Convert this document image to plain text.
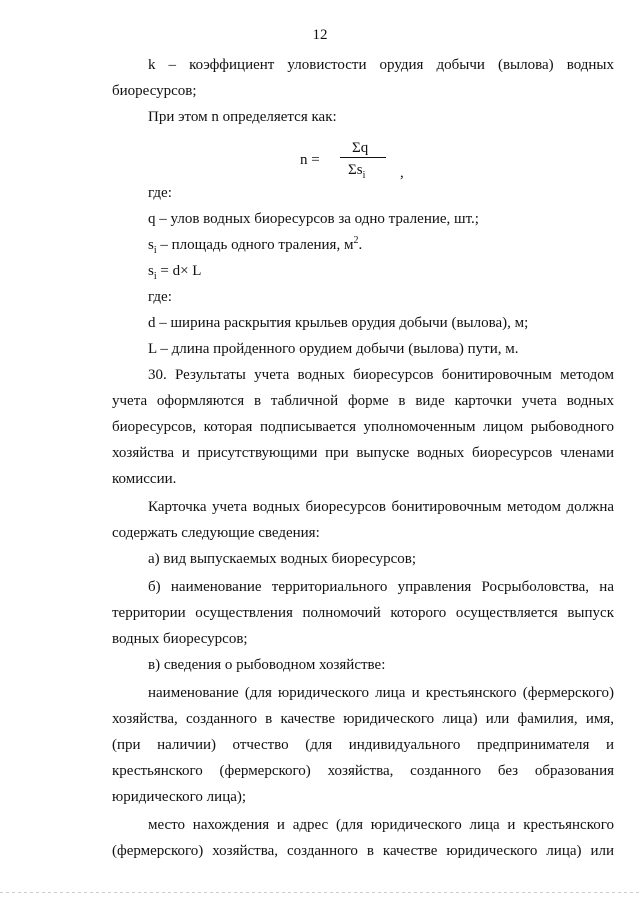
12

k – коэффициент уловистости орудия добычи (вылова) водных

биоресурсов;

При этом n определяется как:

n =
Σq
$\Sigma s_i$ ,

где:

q – улов водных биоресурсов за одно траление, шт.;

$s_i$ – площадь одного траления, $м^2$.

$s_i = d\times L$

где:

d – ширина раскрытия крыльев орудия добычи (вылова), м;

L – длина пройденного орудием добычи (вылова) пути, м.

30. Результаты учета водных биоресурсов бонитировочным методом

учета оформляются в табличной форме в виде карточки учета водных

биоресурсов, которая подписывается уполномоченным лицом рыбоводного

хозяйства и присутствующими при выпуске водных биоресурсов членами

комиссии.

Карточка учета водных биоресурсов бонитировочным методом должна

содержать следующие сведения:

а) вид выпускаемых водных биоресурсов;

б) наименование территориального управления Росрыболовства, на

территории осуществления полномочий которого осуществляется выпуск

водных биоресурсов;

в) сведения о рыбоводном хозяйстве:

наименование (для юридического лица и крестьянского (фермерского)

хозяйства, созданного в качестве юридического лица) или фамилия, имя,

(при наличии) отчество (для индивидуального предпринимателя и

крестьянского (фермерского) хозяйства, созданного без образования

юридического лица);

место нахождения и адрес (для юридического лица и крестьянского

(фермерского) хозяйства, созданного в качестве юридического лица) или
